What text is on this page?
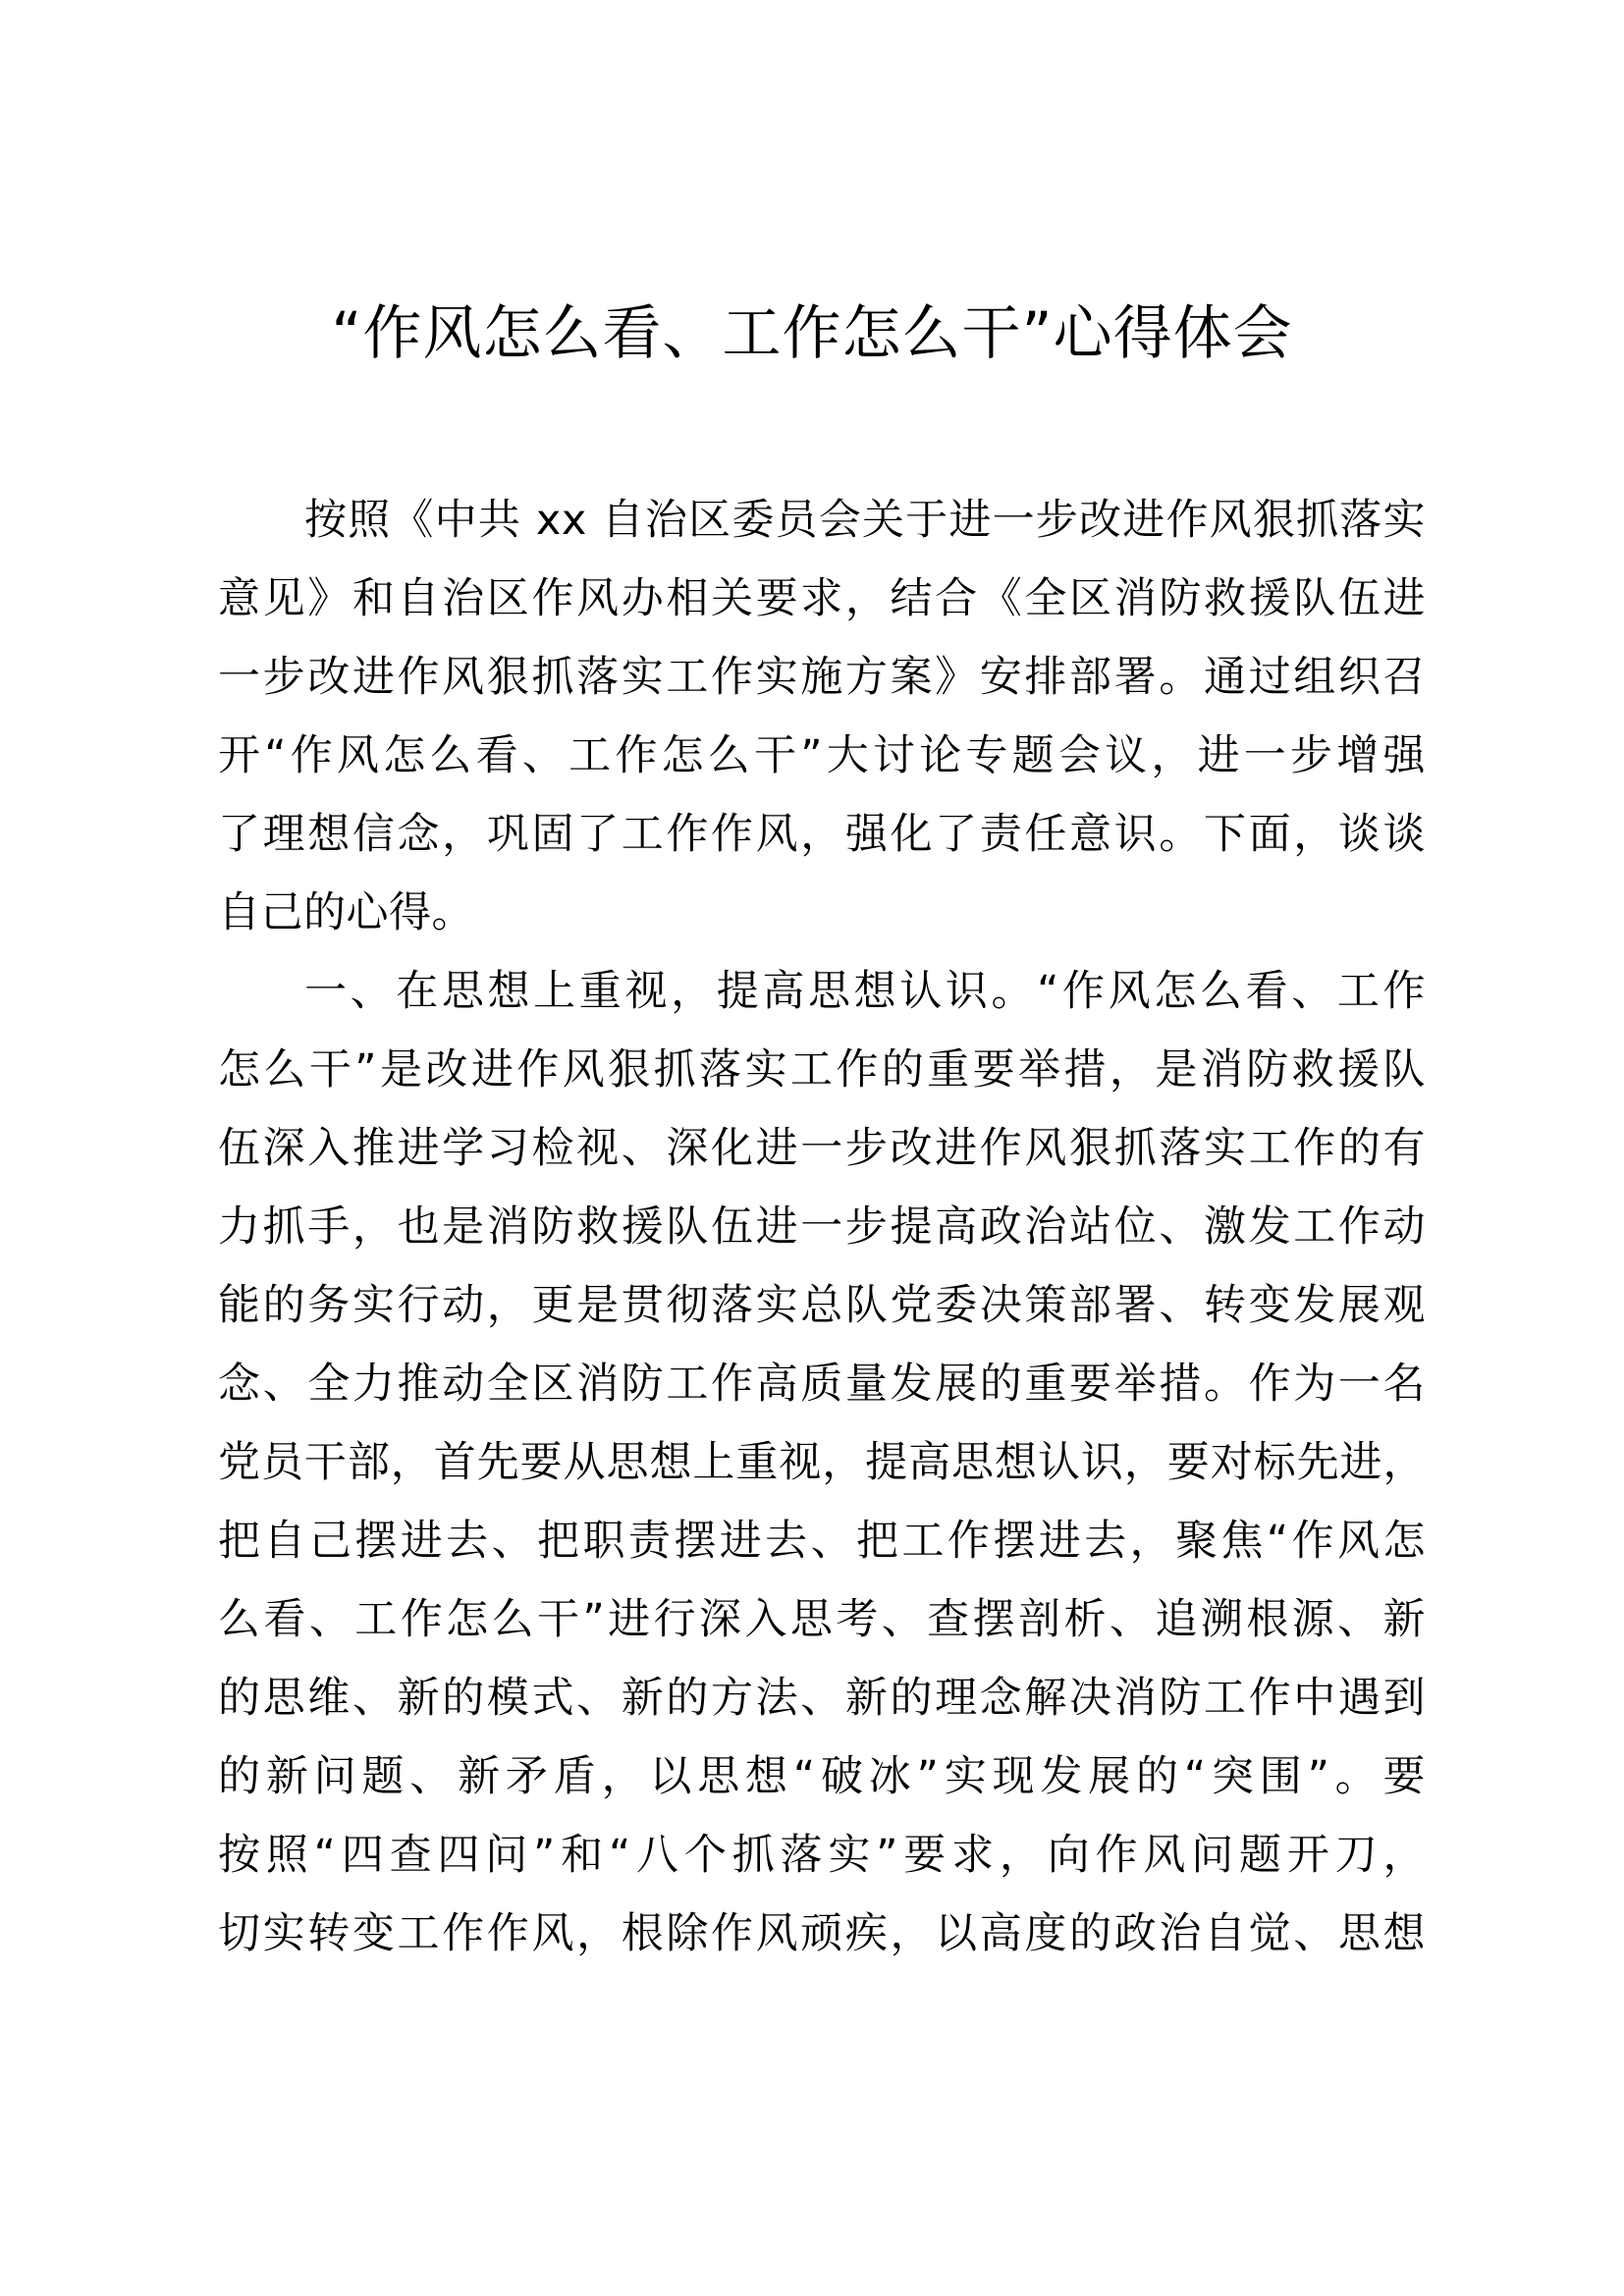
“作风怎么看、工作怎么干”心得体会
按照《中共 xx 自治区委员会关于进一步改进作风狠抓落实
意见》和自治区作风办相关要求，结合《全区消防救援队伍进
一步改进作风狠抓落实工作实施方案》安排部署。通过组织召
开“作风怎么看、工作怎么干”大讨论专题会议，进一步增强
了理想信念，巩固了工作作风，强化了责任意识。下面，谈谈
自己的心得。
一、在思想上重视，提高思想认识。“作风怎么看、工作
怎么干”是改进作风狠抓落实工作的重要举措，是消防救援队
伍深入推进学习检视、深化进一步改进作风狠抓落实工作的有
力抓手，也是消防救援队伍进一步提高政治站位、激发工作动
能的务实行动，更是贯彻落实总队党委决策部署、转变发展观
念、全力推动全区消防工作高质量发展的重要举措。作为一名
党员干部，首先要从思想上重视，提高思想认识，要对标先进，
把自己摆进去、把职责摆进去、把工作摆进去，聚焦“作风怎
么看、工作怎么干”进行深入思考、查摆剖析、追溯根源、新
的思维、新的模式、新的方法、新的理念解决消防工作中遇到
的新问题、新矛盾，以思想“破冰”实现发展的“突围”。要
按照“四查四问”和“八个抓落实”要求，向作风问题开刀，
切实转变工作作风，根除作风顽疾，以高度的政治自觉、思想
